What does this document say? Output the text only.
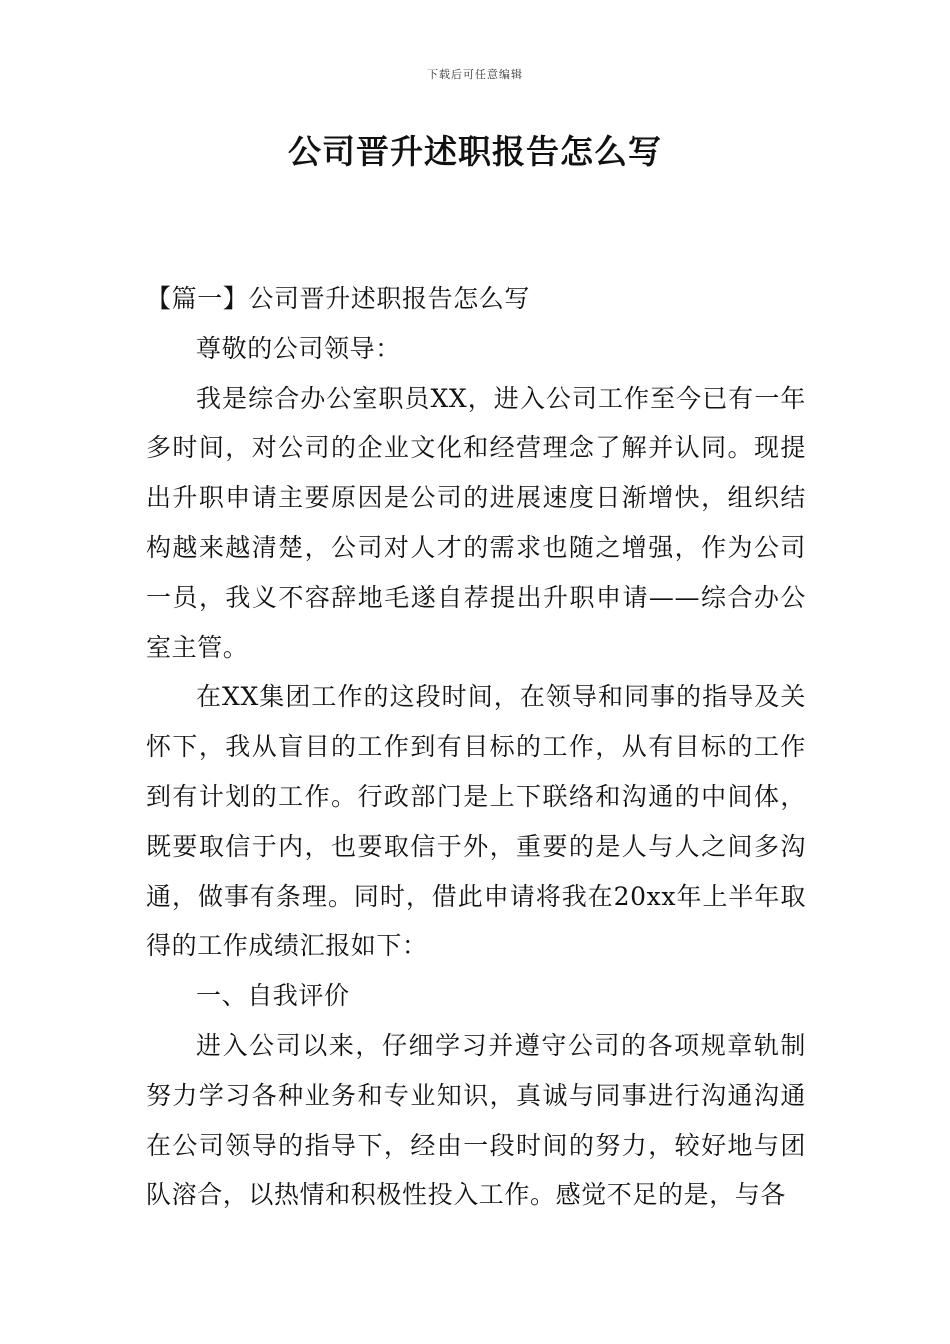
下载后可任意编辑
公司晋升述职报告怎么写

【篇一】公司晋升述职报告怎么写

尊敬的公司领导：

我是综合办公室职员XX，进入公司工作至今已有一年多时间，对公司的企业文化和经营理念了解并认同。现提出升职申请主要原因是公司的进展速度日渐增快，组织结构越来越清楚，公司对人才的需求也随之增强，作为公司一员，我义不容辞地毛遂自荐提出升职申请——综合办公室主管。

在XX集团工作的这段时间，在领导和同事的指导及关怀下，我从盲目的工作到有目标的工作，从有目标的工作到有计划的工作。行政部门是上下联络和沟通的中间体，既要取信于内，也要取信于外，重要的是人与人之间多沟通，做事有条理。同时，借此申请将我在20xx年上半年取得的工作成绩汇报如下：

一、自我评价

进入公司以来，仔细学习并遵守公司的各项规章轨制努力学习各种业务和专业知识，真诚与同事进行沟通沟通在公司领导的指导下，经由一段时间的努力，较好地与团队溶合，以热情和积极性投入工作。感觉不足的是，与各
